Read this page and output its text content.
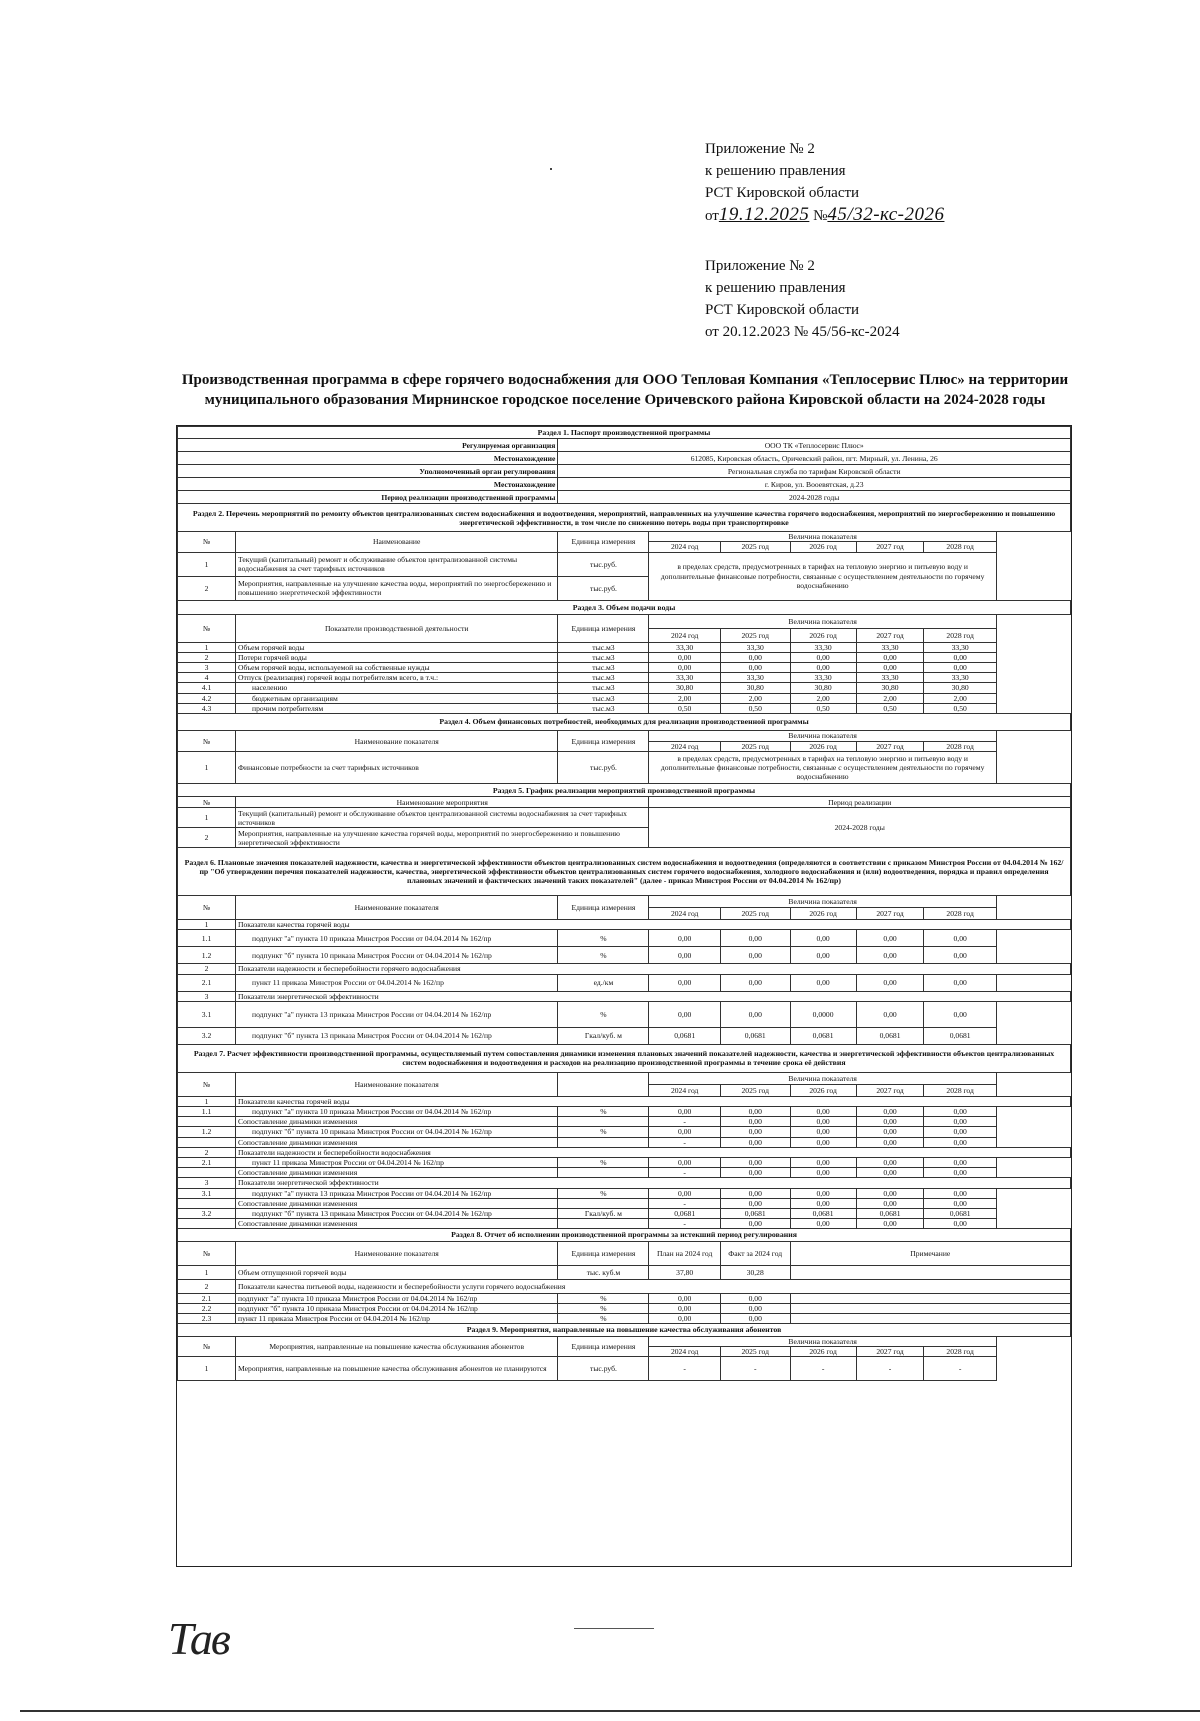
Приложение № 2
к решению правления
РСТ Кировской области
от19.12.2025 №45/32-кс-2026
Приложение № 2
к решению правления
РСТ Кировской области
от 20.12.2023 № 45/56-кс-2024
Производственная программа в сфере горячего водоснабжения для ООО Тепловая Компания «Теплосервис Плюс» на территории муниципального образования Мирнинское городское поселение Оричевского района Кировской области на 2024-2028 годы
Раздел 1. Паспорт производственной программы							
Регулируемая организация		ООО ТК «Теплосервис Плюс»					
Местонахождение		612085, Кировская область, Оричевский район, пгт. Мирный, ул. Ленина, 26					
Уполномоченный орган регулирования		Региональная служба по тарифам Кировской области					
Местонахождение		г. Киров, ул. Вооевятская, д.23					
Период реализации производственной программы		2024-2028 годы					
Раздел 2. Перечень мероприятий по ремонту объектов централизованных систем водоснабжения и водоотведения, мероприятий, направленных на улучшение качества горячего водоснабжения, мероприятий по энергосбережению и повышению энергетической эффективности, в том числе по снижению потерь воды при транспортировке							
№	Наименование	Единица измерения	Величина показателя				
			2024 год	2025 год	2026 год	2027 год	2028 год
1	Текущий (капитальный) ремонт и обслуживание объектов централизованной системы водоснабжения за счет тарифных источников	тыс.руб.	в пределах средств, предусмотренных в тарифах на тепловую энергию и питьевую воду и дополнительные финансовые потребности, связанные с осуществлением деятельности по горячему водоснабжению				
2	Мероприятия, направленные на улучшение качества воды, мероприятий по энергосбережению и повышению энергетической эффективности	тыс.руб.					
Раздел 3. Объем подачи воды							
№	Показатели производственной деятельности	Единица измерения	Величина показателя				
			2024 год	2025 год	2026 год	2027 год	2028 год
1	Объем горячей воды	тыс.м3	33,30	33,30	33,30	33,30	33,30
2	Потери горячей воды	тыс.м3	0,00	0,00	0,00	0,00	0,00
3	Объем горячей воды, используемой на собственные нужды	тыс.м3	0,00	0,00	0,00	0,00	0,00
4	Отпуск (реализация) горячей воды потребителям всего, в т.ч.:	тыс.м3	33,30	33,30	33,30	33,30	33,30
4.1	населению	тыс.м3	30,80	30,80	30,80	30,80	30,80
4.2	бюджетным организациям	тыс.м3	2,00	2,00	2,00	2,00	2,00
4.3	прочим потребителям	тыс.м3	0,50	0,50	0,50	0,50	0,50
Раздел 4. Объем финансовых потребностей, необходимых для реализации производственной программы							
№	Наименование показателя	Единица измерения	Величина показателя				
			2024 год	2025 год	2026 год	2027 год	2028 год
1	Финансовые потребности за счет тарифных источников	тыс.руб.	в пределах средств, предусмотренных в тарифах на тепловую энергию и питьевую воду и дополнительные финансовые потребности, связанные с осуществлением деятельности по горячему водоснабжению				
Раздел 5. График реализации мероприятий производственной программы							
№	Наименование мероприятия		Период реализации				
1	Текущий (капитальный) ремонт и обслуживание объектов централизованной системы водоснабжения за счет тарифных источников		2024-2028 годы				
2	Мероприятия, направленные на улучшение качества горячей воды, мероприятий по энергосбережению и повышению энергетической эффективности						
Раздел 6. Плановые значения показателей надежности, качества и энергетической эффективности объектов централизованных систем водоснабжения и водоотведения (определяются в соответствии с приказом Минстроя России от 04.04.2014 № 162/пр "Об утверждении перечня показателей надежности, качества, энергетической эффективности объектов централизованных систем горячего водоснабжения, холодного водоснабжения и (или) водоотведения, порядка и правил определения плановых значений и фактических значений таких показателей" (далее - приказ Минстроя России от 04.04.2014 № 162/пр)							
№	Наименование показателя	Единица измерения	Величина показателя				
			2024 год	2025 год	2026 год	2027 год	2028 год
1	Показатели качества горячей воды						
1.1	подпункт "а" пункта 10 приказа Минстроя России от 04.04.2014 № 162/пр	%	0,00	0,00	0,00	0,00	0,00
1.2	подпункт "б" пункта 10 приказа Минстроя России от 04.04.2014 № 162/пр	%	0,00	0,00	0,00	0,00	0,00
2	Показатели надежности и бесперебойности горячего водоснабжения						
2.1	пункт 11 приказа Минстроя России от 04.04.2014 № 162/пр	ед./км	0,00	0,00	0,00	0,00	0,00
3	Показатели энергетической эффективности						
3.1	подпункт "а" пункта 13 приказа Минстроя России от 04.04.2014 № 162/пр	%	0,00	0,00	0,0000	0,00	0,00
3.2	подпункт "б" пункта 13 приказа Минстроя России от 04.04.2014 № 162/пр	Гкал/куб. м	0,0681	0,0681	0,0681	0,0681	0,0681
Раздел 7. Расчет эффективности производственной программы, осуществляемый путем сопоставления динамики изменения плановых значений показателей надежности, качества и энергетической эффективности объектов централизованных систем водоснабжения и водоотведения и расходов на реализацию производственной программы в течение срока её действия							
№	Наименование показателя		Величина показателя				
			2024 год	2025 год	2026 год	2027 год	2028 год
1	Показатели качества горячей воды						
1.1	подпункт "а" пункта 10 приказа Минстроя России от 04.04.2014 № 162/пр	%	0,00	0,00	0,00	0,00	0,00
	Сопоставление динамики изменения		-	0,00	0,00	0,00	0,00
1.2	подпункт "б" пункта 10 приказа Минстроя России от 04.04.2014 № 162/пр	%	0,00	0,00	0,00	0,00	0,00
	Сопоставление динамики изменения		-	0,00	0,00	0,00	0,00
2	Показатели надежности и бесперебойности водоснабжения						
2.1	пункт 11 приказа Минстроя России от 04.04.2014 № 162/пр	%	0,00	0,00	0,00	0,00	0,00
	Сопоставление динамики изменения		-	0,00	0,00	0,00	0,00
3	Показатели энергетической эффективности						
3.1	подпункт "а" пункта 13 приказа Минстроя России от 04.04.2014 № 162/пр	%	0,00	0,00	0,00	0,00	0,00
	Сопоставление динамики изменения		-	0,00	0,00	0,00	0,00
3.2	подпункт "б" пункта 13 приказа Минстроя России от 04.04.2014 № 162/пр	Гкал/куб. м	0,0681	0,0681	0,0681	0,0681	0,0681
	Сопоставление динамики изменения		-	0,00	0,00	0,00	0,00
Раздел 8. Отчет об исполнении производственной программы за истекший период регулирования							
№	Наименование показателя	Единица измерения	План на 2024 год	Факт за 2024 год	Примечание		
1	Объем отпущенной горячей воды	тыс. куб.м	37,80	30,28			
2	Показатели качества питьевой воды, надежности и бесперебойности услуги горячего водоснабжения						
2.1	подпункт "а" пункта 10 приказа Минстроя России от 04.04.2014 № 162/пр	%	0,00	0,00			
2.2	подпункт "б" пункта 10 приказа Минстроя России от 04.04.2014 № 162/пр	%	0,00	0,00			
2.3	пункт 11 приказа Минстроя России от 04.04.2014 № 162/пр	%	0,00	0,00			
Раздел 9. Мероприятия, направленные на повышение качества обслуживания абонентов							
№	Мероприятия, направленные на повышение качества обслуживания абонентов	Единица измерения	Величина показателя				
			2024 год	2025 год	2026 год	2027 год	2028 год
1	Мероприятия, направленные на повышение качества обслуживания абонентов не планируются	тыс.руб.	-	-	-	-	-
Тав
